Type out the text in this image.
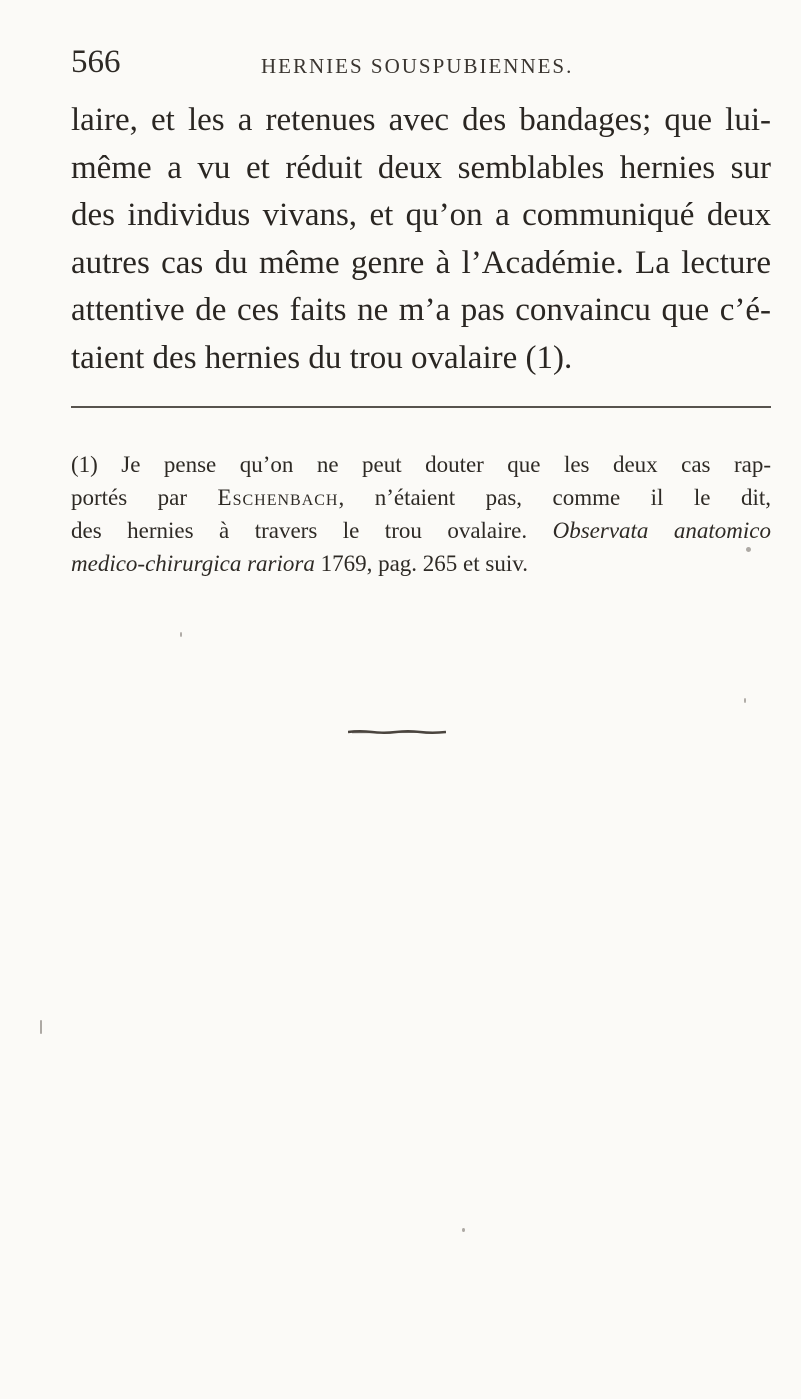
566	HERNIES SOUSPUBIENNES.
laire, et les a retenues avec des bandages; que lui-
même a vu et réduit deux semblables hernies sur
des individus vivans, et qu’on a communiqué deux
autres cas du même genre à l’Académie. La lecture
attentive de ces faits ne m’a pas convaincu que c’é-
taient des hernies du trou ovalaire (1).
(1) Je pense qu’on ne peut douter que les deux cas rap-
portés par Eschenbach, n’étaient pas, comme il le dit,
des hernies à travers le trou ovalaire. Observata anatomico
medico-chirurgica rariora 1769, pag. 265 et suiv.
